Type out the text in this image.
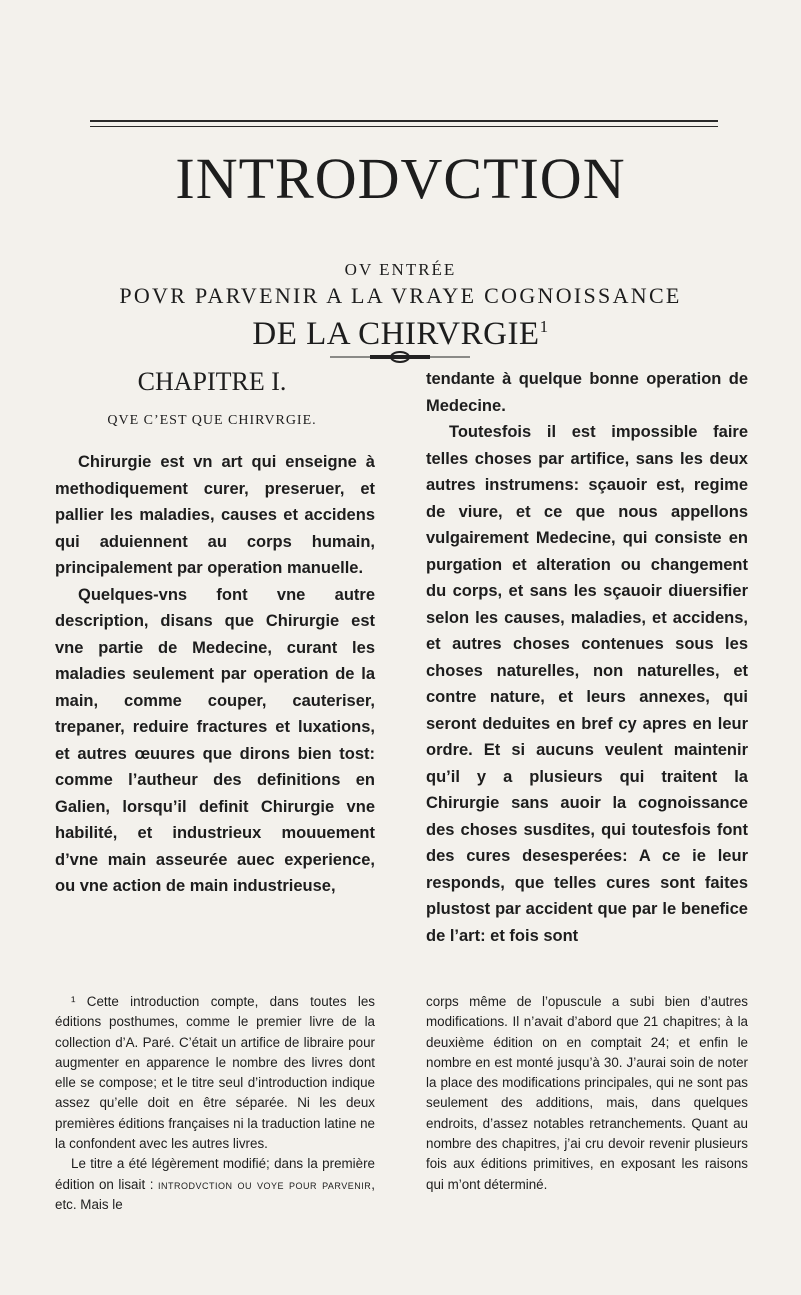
INTRODVCTION
OV ENTRÉE
POVR PARVENIR A LA VRAYE COGNOISSANCE
DE LA CHIRVRGIE$^1$
CHAPITRE I.
QVE C’EST QUE CHIRVRGIE.

Chirurgie est vn art qui enseigne à methodiquement curer, preseruer, et pallier les maladies, causes et accidens qui aduiennent au corps humain, principalement par operation manuelle.

Quelques-vns font vne autre description, disans que Chirurgie est vne partie de Medecine, curant les maladies seulement par operation de la main, comme couper, cauteriser, trepaner, reduire fractures et luxations, et autres œuures que dirons bien tost: comme l’autheur des definitions en Galien, lorsqu’il definit Chirurgie vne habilité, et industrieux mouuement d’vne main asseurée auec experience, ou vne action de main industrieuse,

tendante à quelque bonne operation de Medecine.

Toutesfois il est impossible faire telles choses par artifice, sans les deux autres instrumens: sçauoir est, regime de viure, et ce que nous appellons vulgairement Medecine, qui consiste en purgation et alteration ou changement du corps, et sans les sçauoir diuersifier selon les causes, maladies, et accidens, et autres choses contenues sous les choses naturelles, non naturelles, et contre nature, et leurs annexes, qui seront deduites en bref cy apres en leur ordre. Et si aucuns veulent maintenir qu’il y a plusieurs qui traitent la Chirurgie sans auoir la cognoissance des choses susdites, qui toutesfois font des cures desesperées: A ce ie leur responds, que telles cures sont faites plustost par accident que par le benefice de l’art: et fois sont

¹ Cette introduction compte, dans toutes les éditions posthumes, comme le premier livre de la collection d’A. Paré. C’était un artifice de libraire pour augmenter en apparence le nombre des livres dont elle se compose; et le titre seul d’introduction indique assez qu’elle doit en être séparée. Ni les deux premières éditions françaises ni la traduction latine ne la confondent avec les autres livres.

Le titre a été légèrement modifié; dans la première édition on lisait : introdvction ou voye pour parvenir, etc. Mais le

corps même de l’opuscule a subi bien d’autres modifications. Il n’avait d’abord que 21 chapitres; à la deuxième édition on en comptait 24; et enfin le nombre en est monté jusqu’à 30. J’aurai soin de noter la place des modifications principales, qui ne sont pas seulement des additions, mais, dans quelques endroits, d’assez notables retranchements. Quant au nombre des chapitres, j’ai cru devoir revenir plusieurs fois aux éditions primitives, en exposant les raisons qui m’ont déterminé.
